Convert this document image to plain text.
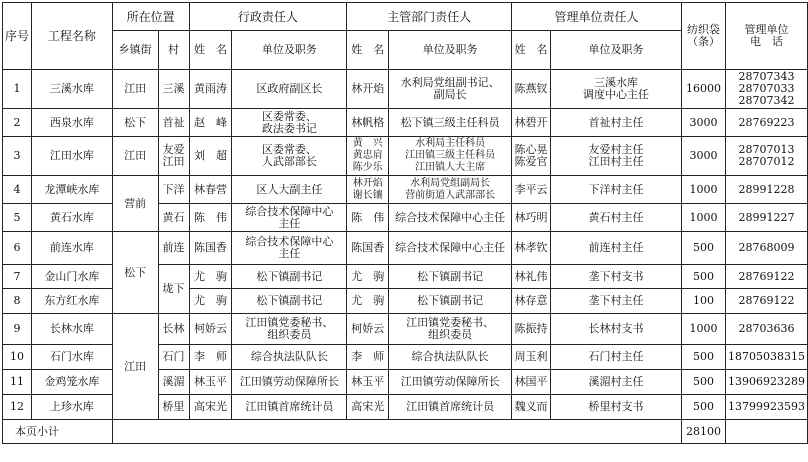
序号	工程名称	所在位置		行政责任人		主管部门责任人		管理单位责任人		纺织袋
（条）	管理单位
电　话

		乡镇街	村	姓　名	单位及职务	姓　名	单位及职务	姓　名	单位及职务		
1	三溪水库	江田	三溪	黄雨涛	区政府副区长	林开焰	水利局党组副书记、
副局长	陈燕钗	三溪水库
调度中心主任	16000	28707343
28707033
28707342

2	西泉水库	松下	首祉	赵　峰	区委常委、
政法委书记	林帆格	松下镇三级主任科员	林碧开	首祉村主任	3000	28769223
3	江田水库	江田	友爱
江田	刘　超	区委常委、
人武部部长	黄　兴
黄忠肩
陈少乐	水利局主任科员
江田镇三级主任科员
江田镇人大主席	陈心晃
陈爱官	友爱村主任
江田村主任	3000	28707013
28707012

4	龙潭峡水库	营前	下洋	林春营	区人大副主任	林开焰
谢长镶	水利局党组副局长
营前街道人武部部长	李平云	下洋村主任	1000	28991228
5	黄石水库		黄石	陈　伟	综合技术保障中心
主任	陈　伟	综合技术保障中心主任	林巧明	黄石村主任	1000	28991227
6	前连水库	松下	前连	陈国香	综合技术保障中心
主任	陈国香	综合技术保障中心主任	林孝钦	前连村主任	500	28768009
7	金山门水库		垅下	尤　驹	松下镇副书记	尤　驹	松下镇副书记	林礼伟	垄下村支书	500	28769122
8	东方红水库			尤　驹	松下镇副书记	尤　驹	松下镇副书记	林存意	垄下村主任	100	28769122
9	长林水库	江田	长林	柯娇云	江田镇党委秘书、
组织委员	柯娇云	江田镇党委秘书、
组织委员	陈振持	长林村支书	1000	28703636
10	石门水库		石门	李　师	综合执法队队长	李　师	综合执法队队长	周玉利	石门村主任	500	18705038315
11	金鸡笼水库		溪湄	林玉平	江田镇劳动保障所长	林玉平	江田镇劳动保障所长	林国平	溪湄村主任	500	13906923289
12	上珍水库		桥里	高宋光	江田镇首席统计员	高宋光	江田镇首席统计员	魏义而	桥里村支书	500	13799923593
本页小计										28100	
